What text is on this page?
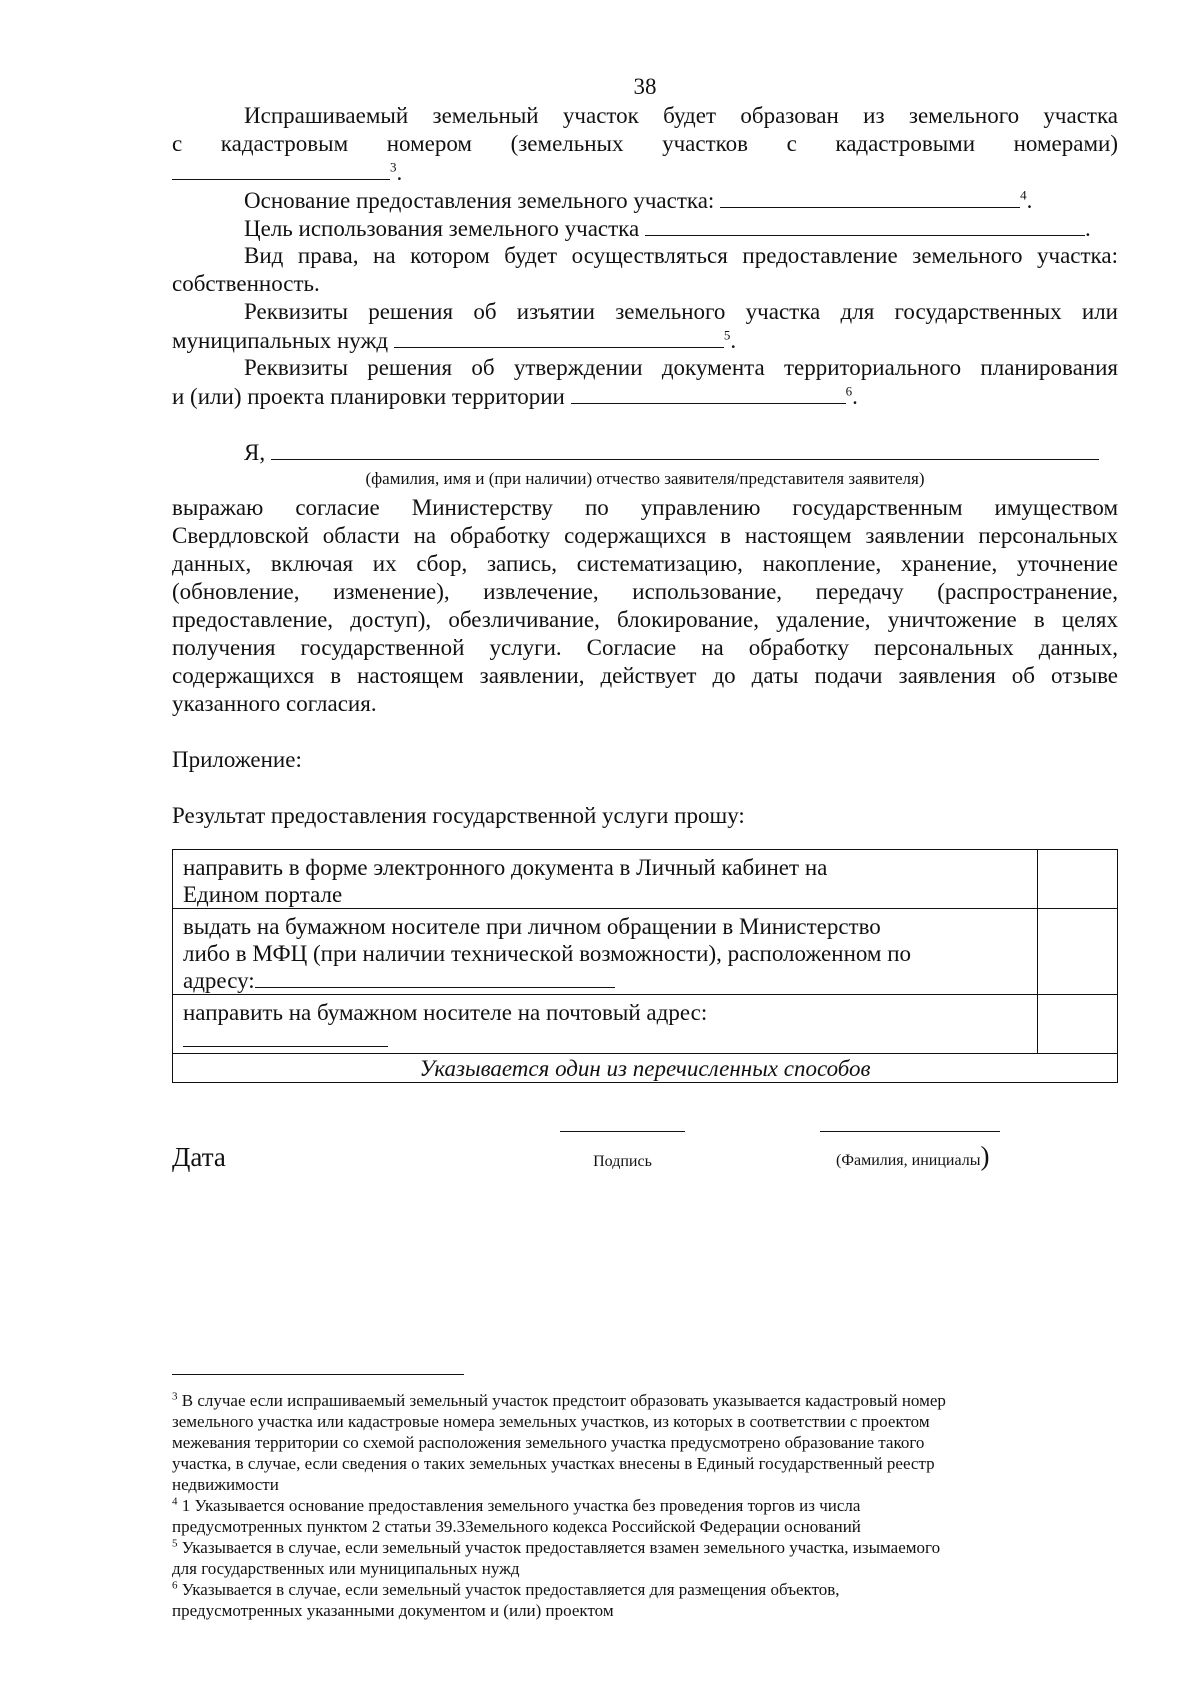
38
Испрашиваемый земельный участок будет образован из земельного участка
с кадастровым номером (земельных участков с кадастровыми номерами)
$^3$.
Основание предоставления земельного участка:	$^4$.
Цель использования земельного участка	.
Вид права, на котором будет осуществляться предоставление земельного участка:
собственность.
Реквизиты решения об изъятии земельного участка для государственных или
муниципальных нужд	$^5$.
Реквизиты решения об утверждении документа территориального планирования
и (или) проекта планировки территории	$^6$.
Я,
(фамилия, имя и (при наличии) отчество заявителя/представителя заявителя)
выражаю согласие Министерству по управлению государственным имуществом
Свердловской области на обработку содержащихся в настоящем заявлении персональных
данных, включая их сбор, запись, систематизацию, накопление, хранение, уточнение
(обновление, изменение), извлечение, использование, передачу (распространение,
предоставление, доступ), обезличивание, блокирование, удаление, уничтожение в целях
получения государственной услуги. Согласие на обработку персональных данных,
содержащихся в настоящем заявлении, действует до даты подачи заявления об отзыве
указанного согласия.
Приложение:
Результат предоставления государственной услуги прошу:
направить в форме электронного документа в Личный кабинет на
Едином портале	

выдать на бумажном носителе при личном обращении в Министерство
либо в МФЦ (при наличии технической возможности), расположенном по
адресу:	

направить на бумажном носителе на почтовый адрес:	

Указывается один из перечисленных способов	
Дата	Подпись	(Фамилия, инициалы)
$^3$ В случае если испрашиваемый земельный участок предстоит образовать указывается кадастровый номер
земельного участка или кадастровые номера земельных участков, из которых в соответствии с проектом
межевания территории со схемой расположения земельного участка предусмотрено образование такого
участка, в случае, если сведения о таких земельных участках внесены в Единый государственный реестр
недвижимости
$^4$ 1 Указывается основание предоставления земельного участка без проведения торгов из числа
предусмотренных пунктом 2 статьи 39.3Земельного кодекса Российской Федерации оснований
$^5$ Указывается в случае, если земельный участок предоставляется взамен земельного участка, изымаемого
для государственных или муниципальных нужд
$^6$ Указывается в случае, если земельный участок предоставляется для размещения объектов,
предусмотренных указанными документом и (или) проектом
